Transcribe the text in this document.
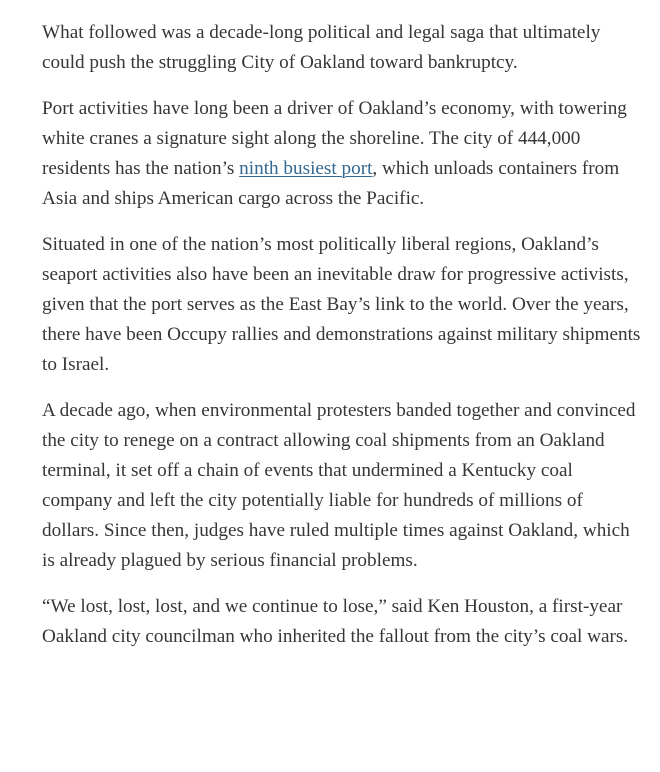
What followed was a decade-long political and legal saga that ultimately could push the struggling City of Oakland toward bankruptcy.

Port activities have long been a driver of Oakland’s economy, with towering white cranes a signature sight along the shoreline. The city of 444,000 residents has the nation’s ninth busiest port, which unloads containers from Asia and ships American cargo across the Pacific.

Situated in one of the nation’s most politically liberal regions, Oakland’s seaport activities also have been an inevitable draw for progressive activists, given that the port serves as the East Bay’s link to the world. Over the years, there have been Occupy rallies and demonstrations against military shipments to Israel.

A decade ago, when environmental protesters banded together and convinced the city to renege on a contract allowing coal shipments from an Oakland terminal, it set off a chain of events that undermined a Kentucky coal company and left the city potentially liable for hundreds of millions of dollars. Since then, judges have ruled multiple times against Oakland, which is already plagued by serious financial problems.

“We lost, lost, lost, and we continue to lose,” said Ken Houston, a first-year Oakland city councilman who inherited the fallout from the city’s coal wars.
